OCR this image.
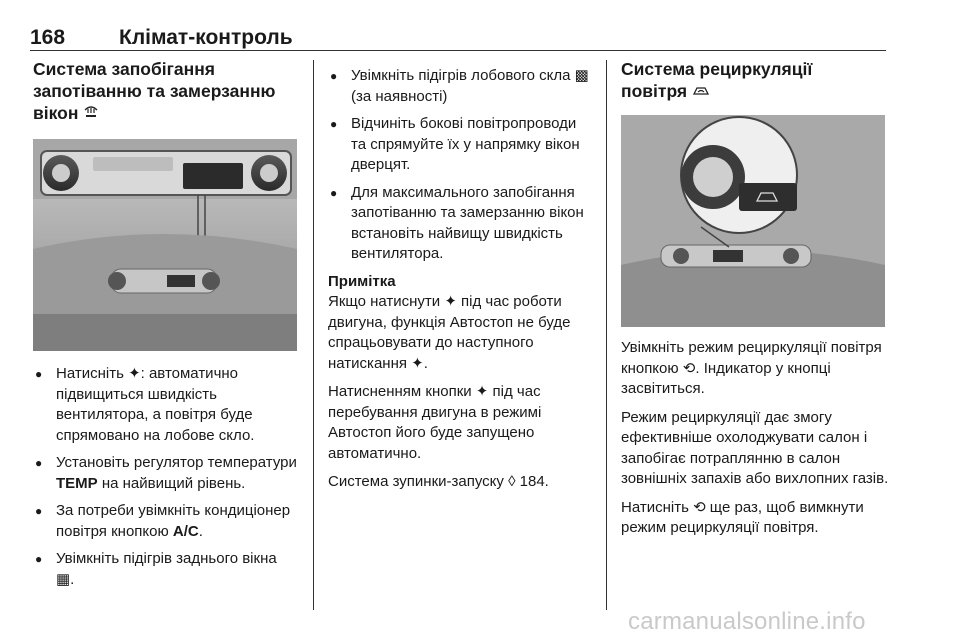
168	Клімат-контроль
Система запобігання
запотіванню та замерзанню
вікон
● Натисніть ✦: автоматично підвищиться швидкість вентилятора, а повітря буде спрямовано на лобове скло.
● Установіть регулятор температури TEMP на найвищий рівень.
● За потреби увімкніть кондиціонер повітря кнопкою A/C.
● Увімкніть підігрів заднього вікна ▦.
● Увімкніть підігрів лобового скла ▩ (за наявності)
● Відчиніть бокові повітропроводи та спрямуйте їх у напрямку вікон дверцят.
● Для максимального запобігання запотіванню та замерзанню вікон встановіть найвищу швидкість вентилятора.
Примітка

Якщо натиснути ✦ під час роботи двигуна, функція Автостоп не буде спрацьовувати до наступного натискання ✦.

Натисненням кнопки ✦ під час перебування двигуна в режимі Автостоп його буде запущено автоматично.

Система зупинки-запуску ◊ 184.

Система рециркуляції
повітря

Увімкніть режим рециркуляції повітря кнопкою ⟲. Індикатор у кнопці засвітиться.

Режим рециркуляції дає змогу ефективніше охолоджувати салон і запобігає потраплянню в салон зовнішніх запахів або вихлопних газів.

Натисніть ⟲ ще раз, щоб вимкнути режим рециркуляції повітря.

carmanualsonline.info
